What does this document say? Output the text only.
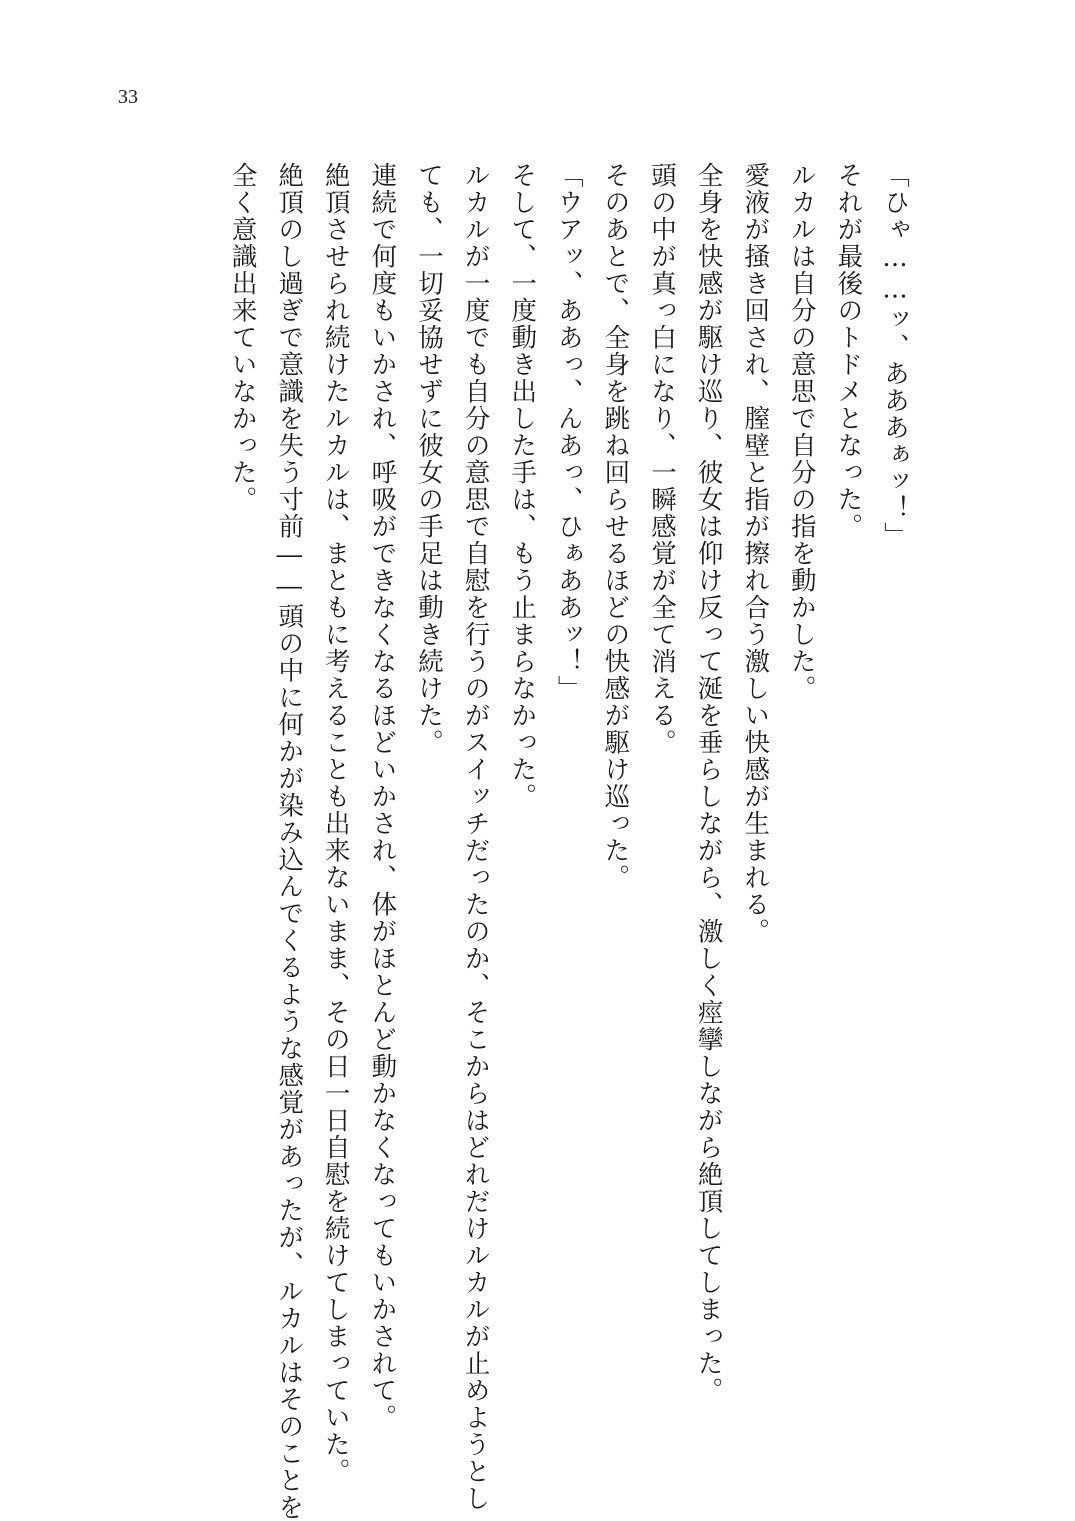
33
「ひゃ……ッ、あああぁッ！」
それが最後のトドメとなった。
ルカルは自分の意思で自分の指を動かした。
愛液が掻き回され、膣壁と指が擦れ合う激しい快感が生まれる。
全身を快感が駆け巡り、彼女は仰け反って涎を垂らしながら、激しく痙攣しながら絶頂してしまった。
頭の中が真っ白になり、一瞬感覚が全て消える。
そのあとで、全身を跳ね回らせるほどの快感が駆け巡った。
「ウアッ、ああっ、んあっ、ひぁああッ！」
そして、一度動き出した手は、もう止まらなかった。
ルカルが一度でも自分の意思で自慰を行うのがスイッチだったのか、そこからはどれだけルカルが止めようとし
ても、一切妥協せずに彼女の手足は動き続けた。
連続で何度もいかされ、呼吸ができなくなるほどいかされ、体がほとんど動かなくなってもいかされて。
絶頂させられ続けたルカルは、まともに考えることも出来ないまま、その日一日自慰を続けてしまっていた。
絶頂のし過ぎで意識を失う寸前――頭の中に何かが染み込んでくるような感覚があったが、ルカルはそのことを
全く意識出来ていなかった。
